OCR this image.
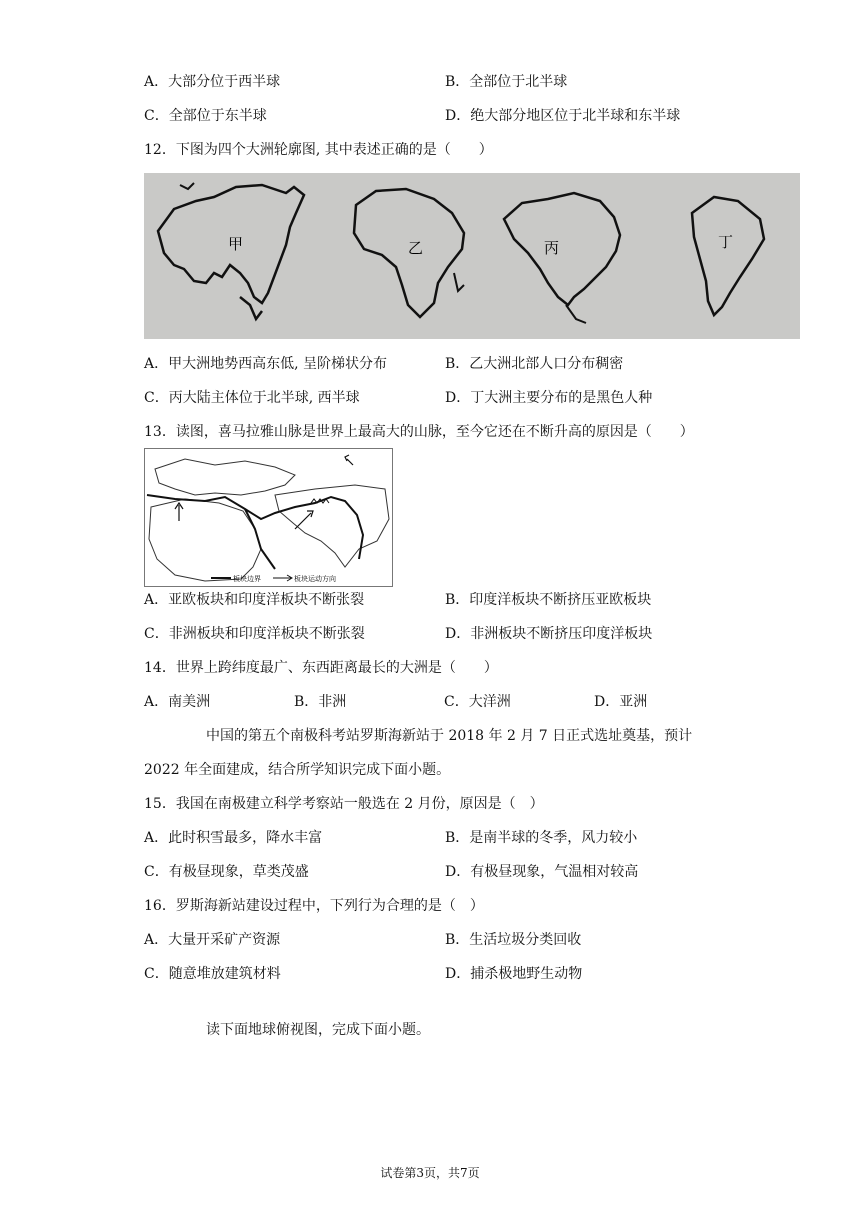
A．大部分位于西半球	B．全部位于北半球
C．全部位于东半球	D．绝大部分地区位于北半球和东半球
12．下图为四个大洲轮廓图, 其中表述正确的是（　　）
甲	乙	丙	丁
A．甲大洲地势西高东低, 呈阶梯状分布	B．乙大洲北部人口分布稠密
C．丙大陆主体位于北半球, 西半球	D．丁大洲主要分布的是黑色人种
13．读图，喜马拉雅山脉是世界上最高大的山脉，至今它还在不断升高的原因是（　　）
板块边界	板块运动方向
A．亚欧板块和印度洋板块不断张裂	B．印度洋板块不断挤压亚欧板块
C．非洲板块和印度洋板块不断张裂	D．非洲板块不断挤压印度洋板块
14．世界上跨纬度最广、东西距离最长的大洲是（　　）
A．南美洲	B．非洲	C．大洋洲	D．亚洲
中国的第五个南极科考站罗斯海新站于 2018 年 2 月 7 日正式选址奠基，预计
2022 年全面建成，结合所学知识完成下面小题。
15．我国在南极建立科学考察站一般选在 2 月份，原因是（　）
A．此时积雪最多，降水丰富	B．是南半球的冬季，风力较小
C．有极昼现象，草类茂盛	D．有极昼现象，气温相对较高
16．罗斯海新站建设过程中，下列行为合理的是（　）
A．大量开采矿产资源	B．生活垃圾分类回收
C．随意堆放建筑材料	D．捕杀极地野生动物
读下面地球俯视图，完成下面小题。
试卷第3页，共7页
